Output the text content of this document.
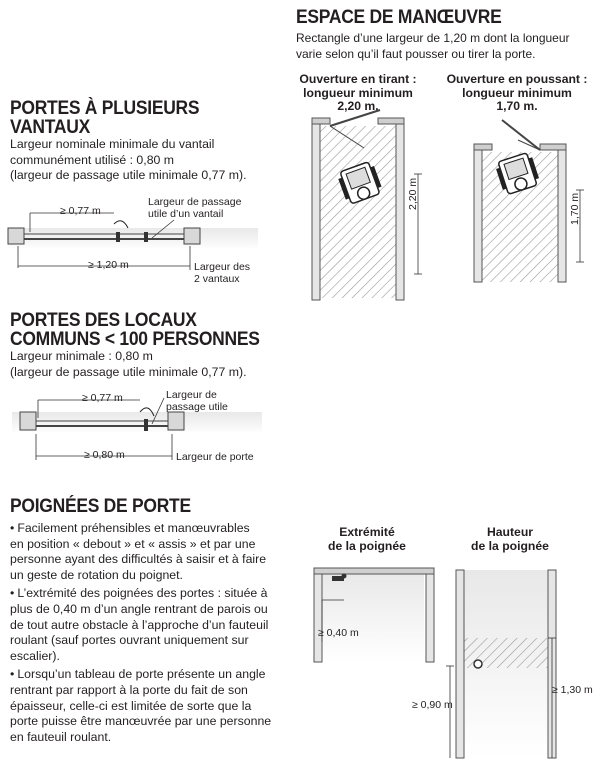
ESPACE DE MANŒUVRE
Rectangle d’une largeur de 1,20 m dont la longueur
varie selon qu’il faut pousser ou tirer la porte.
Ouverture en tirant :
longueur minimum
2,20 m.
Ouverture en poussant :
longueur minimum
1,70 m.
2,20 m	1,70 m
PORTES À PLUSIEURS
VANTAUX
Largeur nominale minimale du vantail
communément utilisé : 0,80 m
(largeur de passage utile minimale 0,77 m).
≥ 0,77 m
≥ 1,20 m
Largeur de passage
utile d’un vantail
Largeur des
2 vantaux
PORTES DES LOCAUX
COMMUNS < 100 PERSONNES
Largeur minimale : 0,80 m
(largeur de passage utile minimale 0,77 m).
≥ 0,77 m
≥ 0,80 m
Largeur de
passage utile
Largeur de porte
POIGNÉES DE PORTE
• Facilement préhensibles et manœuvrables
en position « debout » et « assis » et par une
personne ayant des difficultés à saisir et à faire
un geste de rotation du poignet.
• L’extrémité des poignées des portes : située à
plus de 0,40 m d’un angle rentrant de parois ou
de tout autre obstacle à l’approche d’un fauteuil
roulant (sauf portes ouvrant uniquement sur
escalier).
• Lorsqu’un tableau de porte présente un angle
rentrant par rapport à la porte du fait de son
épaisseur, celle-ci est limitée de sorte que la
porte puisse être manœuvrée par une personne
en fauteuil roulant.
Extrémité
de la poignée
Hauteur
de la poignée
≥ 0,40 m
≥ 0,90 m
≥ 1,30 m
